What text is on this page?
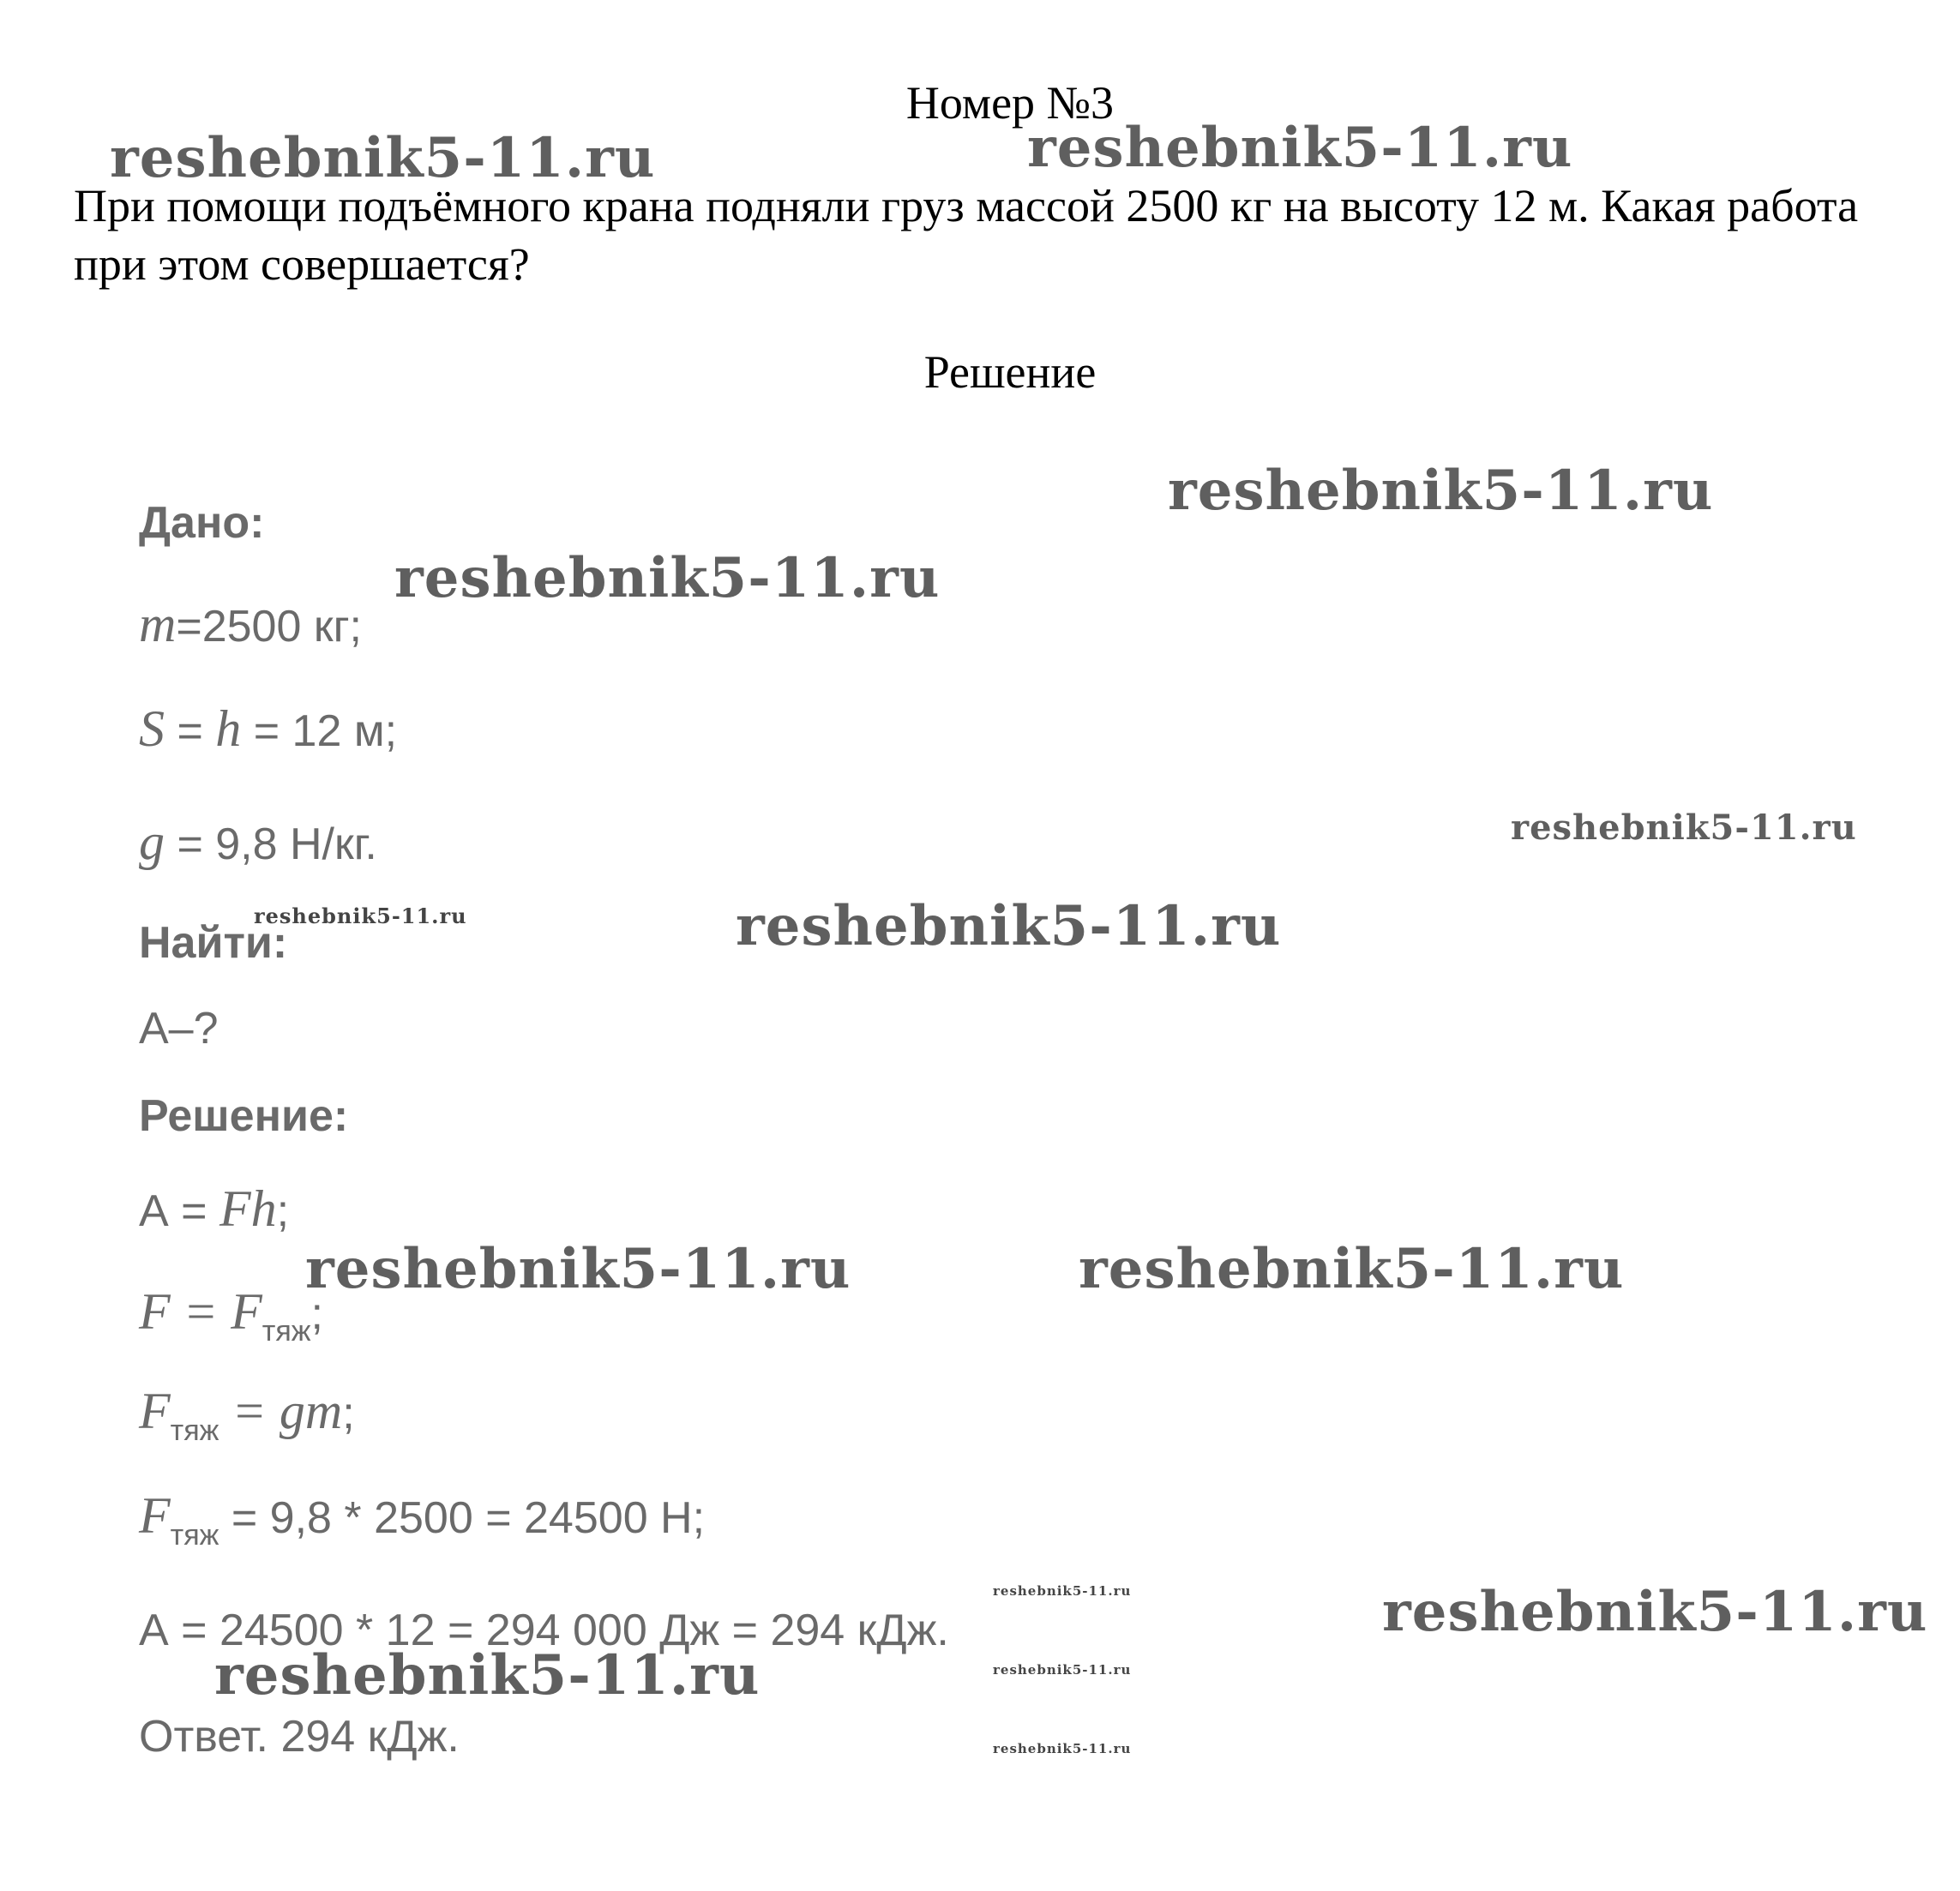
Номер №3

При помощи подъёмного крана подняли груз массой 2500 кг на высоту 12 м. Какая работа при этом совершается?

Решение
Дано:
m=2500 кг;
S = h = 12 м;
g = 9,8 Н/кг.
Найти:
А–?
Решение:
А = Fh;
$F = F_{тяж}$;
$F_{тяж}$ = gm;
$F_{тяж} = 9,8 * 2500 = 24500$ Н;
А = 24500 * 12 = 294 000 Дж = 294 кДж.
Ответ. 294 кДж.
reshebnik5-11.ru	reshebnik5-11.ru
reshebnik5-11.ru
reshebnik5-11.ru
reshebnik5-11.ru
reshebnik5-11.ru	reshebnik5-11.ru
reshebnik5-11.ru	reshebnik5-11.ru
reshebnik5-11.ru	reshebnik5-11.ru
reshebnik5-11.ru	reshebnik5-11.ru
reshebnik5-11.ru
